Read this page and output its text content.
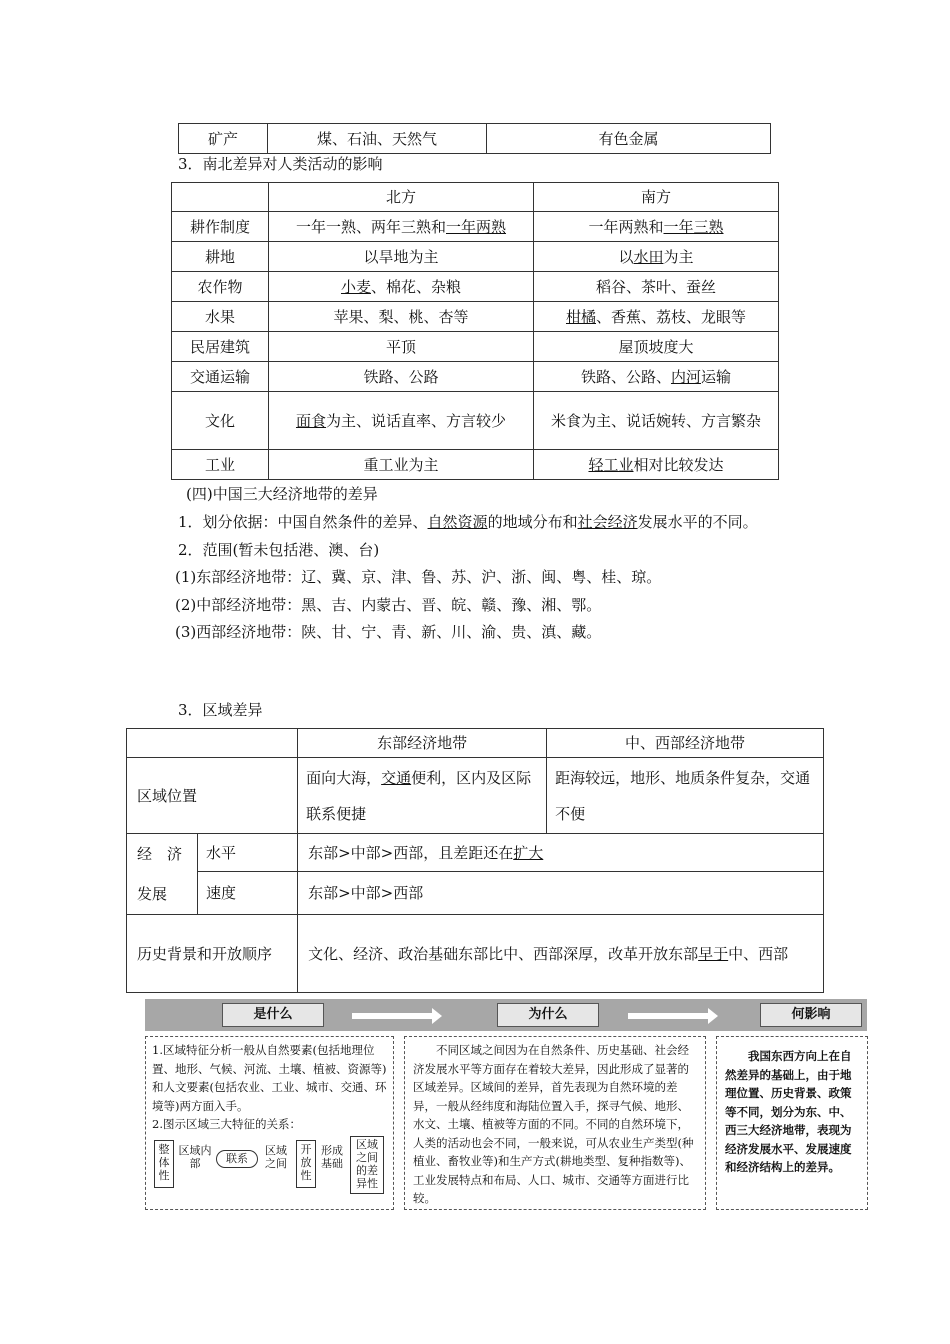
矿产	煤、石油、天然气	有色金属
3．南北差异对人类活动的影响
	北方	南方
耕作制度	一年一熟、两年三熟和一年两熟	一年两熟和一年三熟
耕地	以旱地为主	以水田为主
农作物	小麦、棉花、杂粮	稻谷、茶叶、蚕丝
水果	苹果、梨、桃、杏等	柑橘、香蕉、荔枝、龙眼等
民居建筑	平顶	屋顶坡度大
交通运输	铁路、公路	铁路、公路、内河运输
文化	面食为主、说话直率、方言较少	米食为主、说话婉转、方言繁杂
工业	重工业为主	轻工业相对比较发达
(四)中国三大经济地带的差异
1．划分依据：中国自然条件的差异、自然资源的地域分布和社会经济发展水平的不同。
2．范围(暂未包括港、澳、台)
(1)东部经济地带：辽、冀、京、津、鲁、苏、沪、浙、闽、粤、桂、琼。
(2)中部经济地带：黑、吉、内蒙古、晋、皖、赣、豫、湘、鄂。
(3)西部经济地带：陕、甘、宁、青、新、川、渝、贵、滇、藏。
3．区域差异
		东部经济地带	中、西部经济地带
区域位置		面向大海，交通便利，区内及区际联系便捷	距海较远，地形、地质条件复杂，交通不便
经　济发展	水平	东部>中部>西部，且差距还在扩大	
	速度	东部>中部>西部	
历史背景和开放顺序		文化、经济、政治基础东部比中、西部深厚，改革开放东部早于中、西部	
是什么	为什么	何影响
1.区域特征分析一般从自然要素(包括地理位置、地形、气候、河流、土壤、植被、资源等)和人文要素(包括农业、工业、城市、交通、环境等)两方面入手。
2.图示区域三大特征的关系：
整体性
区域内部	联系
区域之间
开放性
形成基础
区域之间的差异性
不同区域之间因为在自然条件、历史基础、社会经济发展水平等方面存在着较大差异，因此形成了显著的区域差异。区域间的差异，首先表现为自然环境的差异，一般从经纬度和海陆位置入手，探寻气候、地形、水文、土壤、植被等方面的不同。不同的自然环境下，人类的活动也会不同，一般来说，可从农业生产类型(种植业、畜牧业等)和生产方式(耕地类型、复种指数等)、工业发展特点和布局、人口、城市、交通等方面进行比较。
我国东西方向上在自然差异的基础上，由于地理位置、历史背景、政策等不同，划分为东、中、西三大经济地带，表现为经济发展水平、发展速度和经济结构上的差异。
